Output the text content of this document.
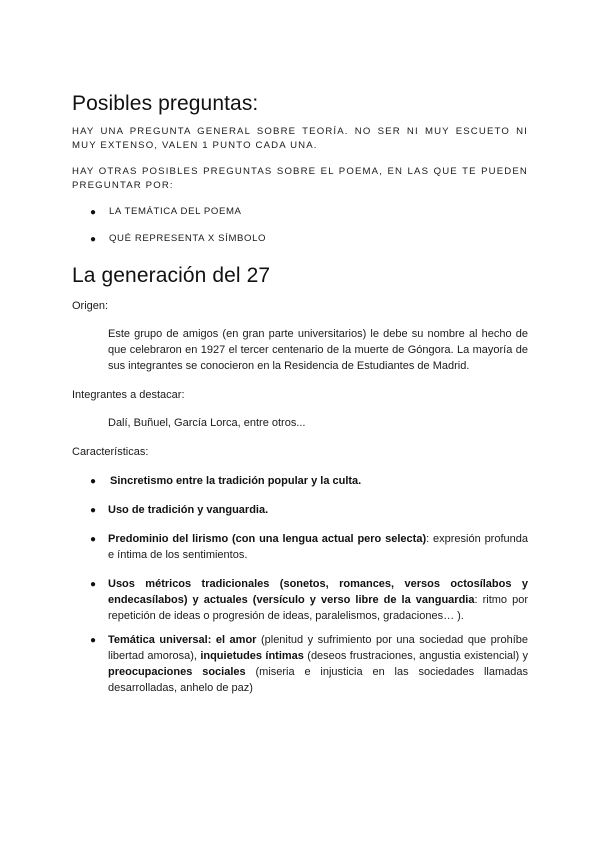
Posibles preguntas:

HAY UNA PREGUNTA GENERAL SOBRE TEORÍA. NO SER NI MUY ESCUETO NI MUY EXTENSO, VALEN 1 PUNTO CADA UNA.

HAY OTRAS POSIBLES PREGUNTAS SOBRE EL POEMA, EN LAS QUE TE PUEDEN PREGUNTAR POR:

● LA TEMÁTICA DEL POEMA
● QUÉ REPRESENTA X SÍMBOLO
La generación del 27
Origen:

Este grupo de amigos (en gran parte universitarios) le debe su nombre al hecho de que celebraron en 1927 el tercer centenario de la muerte de Góngora. La mayoría de sus integrantes se conocieron en la Residencia de Estudiantes de Madrid.

Integrantes a destacar:
Dalí, Buñuel, García Lorca, entre otros...
Características:
● Sincretismo entre la tradición popular y la culta.
● Uso de tradición y vanguardia.
● Predominio del lirismo (con una lengua actual pero selecta): expresión profunda e íntima de los sentimientos.
● Usos métricos tradicionales (sonetos, romances, versos octosílabos y endecasílabos) y actuales (versículo y verso libre de la vanguardia: ritmo por repetición de ideas o progresión de ideas, paralelismos, gradaciones… ).
● Temática universal: el amor (plenitud y sufrimiento por una sociedad que prohíbe libertad amorosa), inquietudes íntimas (deseos frustraciones, angustia existencial) y preocupaciones sociales (miseria e injusticia en las sociedades llamadas desarrolladas, anhelo de paz)
